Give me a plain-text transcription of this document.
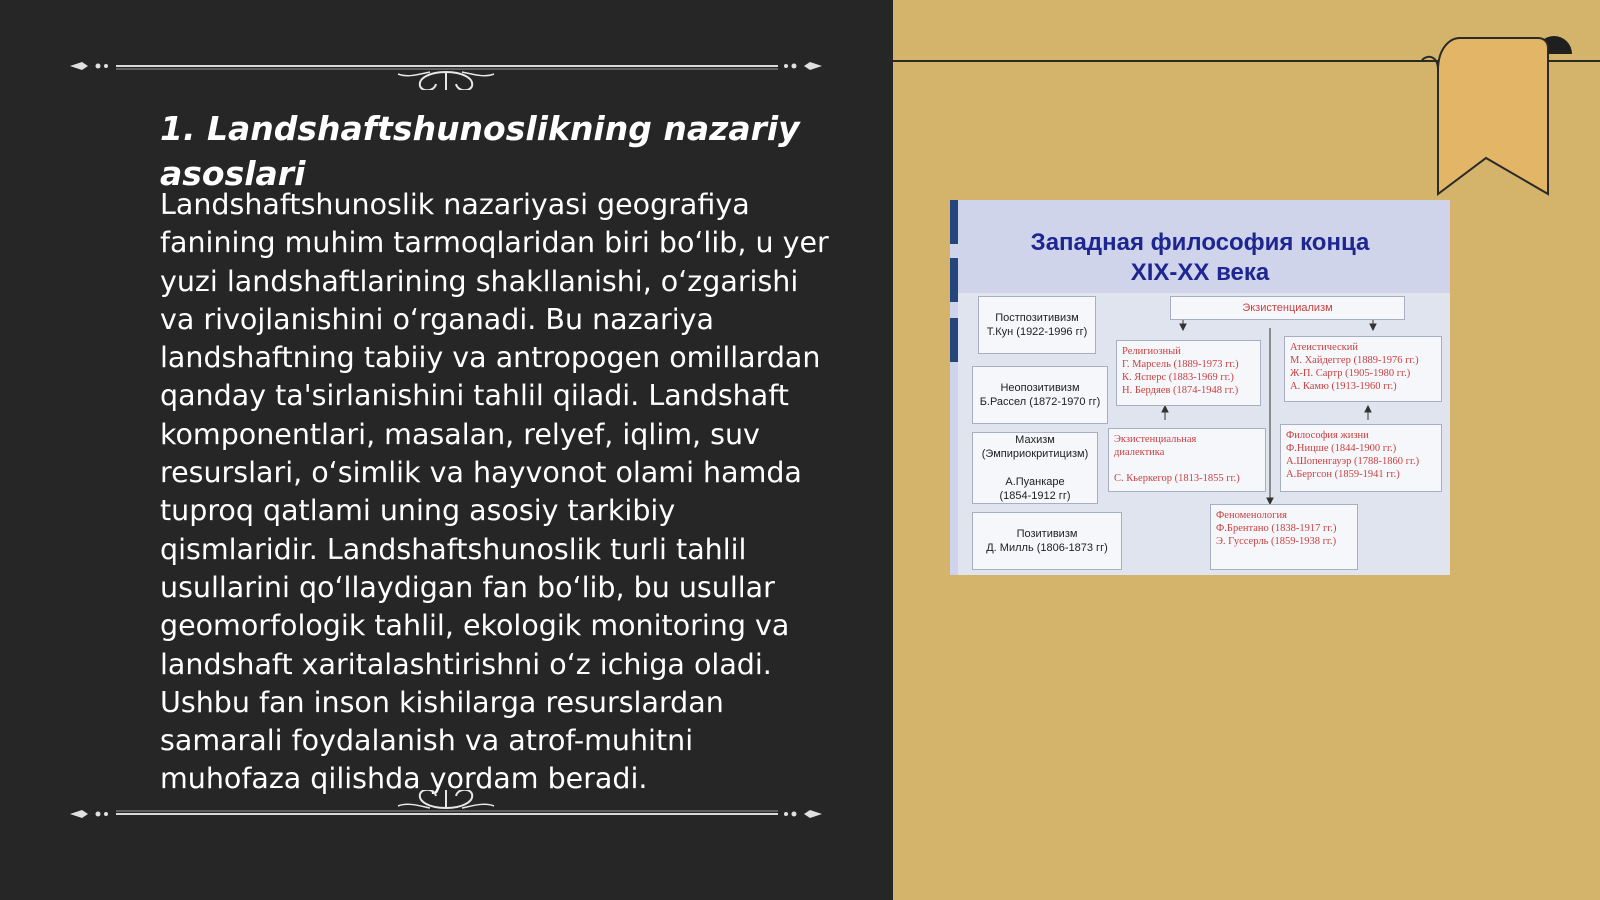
1. Landshaftshunoslikning nazariy asoslari
Landshaftshunoslik nazariyasi geografiya fanining muhim tarmoqlaridan biri bo‘lib, u yer yuzi landshaftlarining shakllanishi, o‘zgarishi va rivojlanishini o‘rganadi. Bu nazariya landshaftning tabiiy va antropogen omillardan qanday ta'sirlanishini tahlil qiladi. Landshaft komponentlari, masalan, relyef, iqlim, suv resurslari, o‘simlik va hayvonot olami hamda tuproq qatlami uning asosiy tarkibiy qismlaridir. Landshaftshunoslik turli tahlil usullarini qo‘llaydigan fan bo‘lib, bu usullar geomorfologik tahlil, ekologik monitoring va landshaft xaritalashtirishni o‘z ichiga oladi. Ushbu fan inson kishilarga resurslardan samarali foydalanish va atrof-muhitni muhofaza qilishda yordam beradi.
Западная философия конца
XIX-XX века
Постпозитивизм
Т.Кун (1922-1996 гг)
Экзистенциализм
Неопозитивизм
Б.Рассел (1872-1970 гг)
Религиозный
Г. Марсель (1889-1973 гг.)
К. Ясперс (1883-1969 гг.)
Н. Бердяев (1874-1948 гг.)
Атеистический
М. Хайдеггер (1889-1976 гг.)
Ж-П. Сартр (1905-1980 гг.)
А. Камю (1913-1960 гг.)
Махизм
(Эмпириокритицизм)

А.Пуанкаре
(1854-1912 гг)
Экзистенциальная
диалектика

С. Кьеркегор (1813-1855 гг.)
Философия жизни
Ф.Ницше (1844-1900 гг.)
А.Шопенгауэр (1788-1860 гг.)
А.Бергсон (1859-1941 гг.)
Позитивизм
Д. Милль (1806-1873 гг)
Феноменология
Ф.Брентано (1838-1917 гг.)
Э. Гуссерль (1859-1938 гг.)
